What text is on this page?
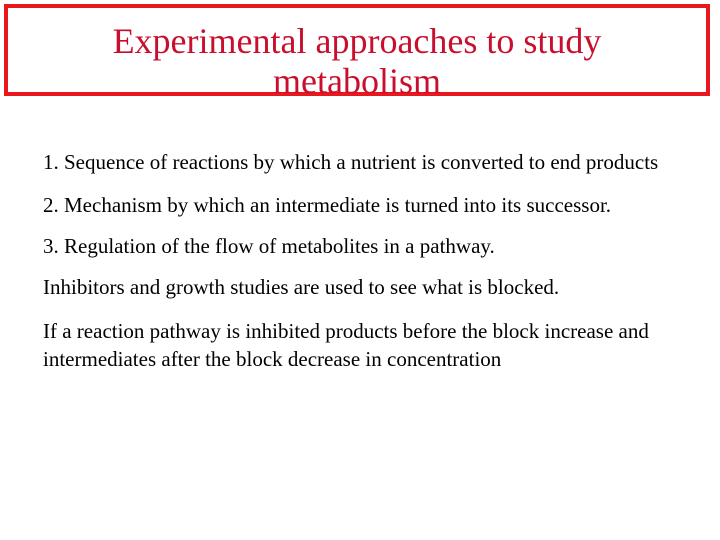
Experimental approaches to study
metabolism

1. Sequence of reactions by which a nutrient is converted to end products

2. Mechanism by which an intermediate is turned into its successor.

3. Regulation of the flow of metabolites in a pathway.

Inhibitors and growth studies are used to see what is blocked.

If a reaction pathway is inhibited products before the block increase and intermediates after the block decrease in concentration
